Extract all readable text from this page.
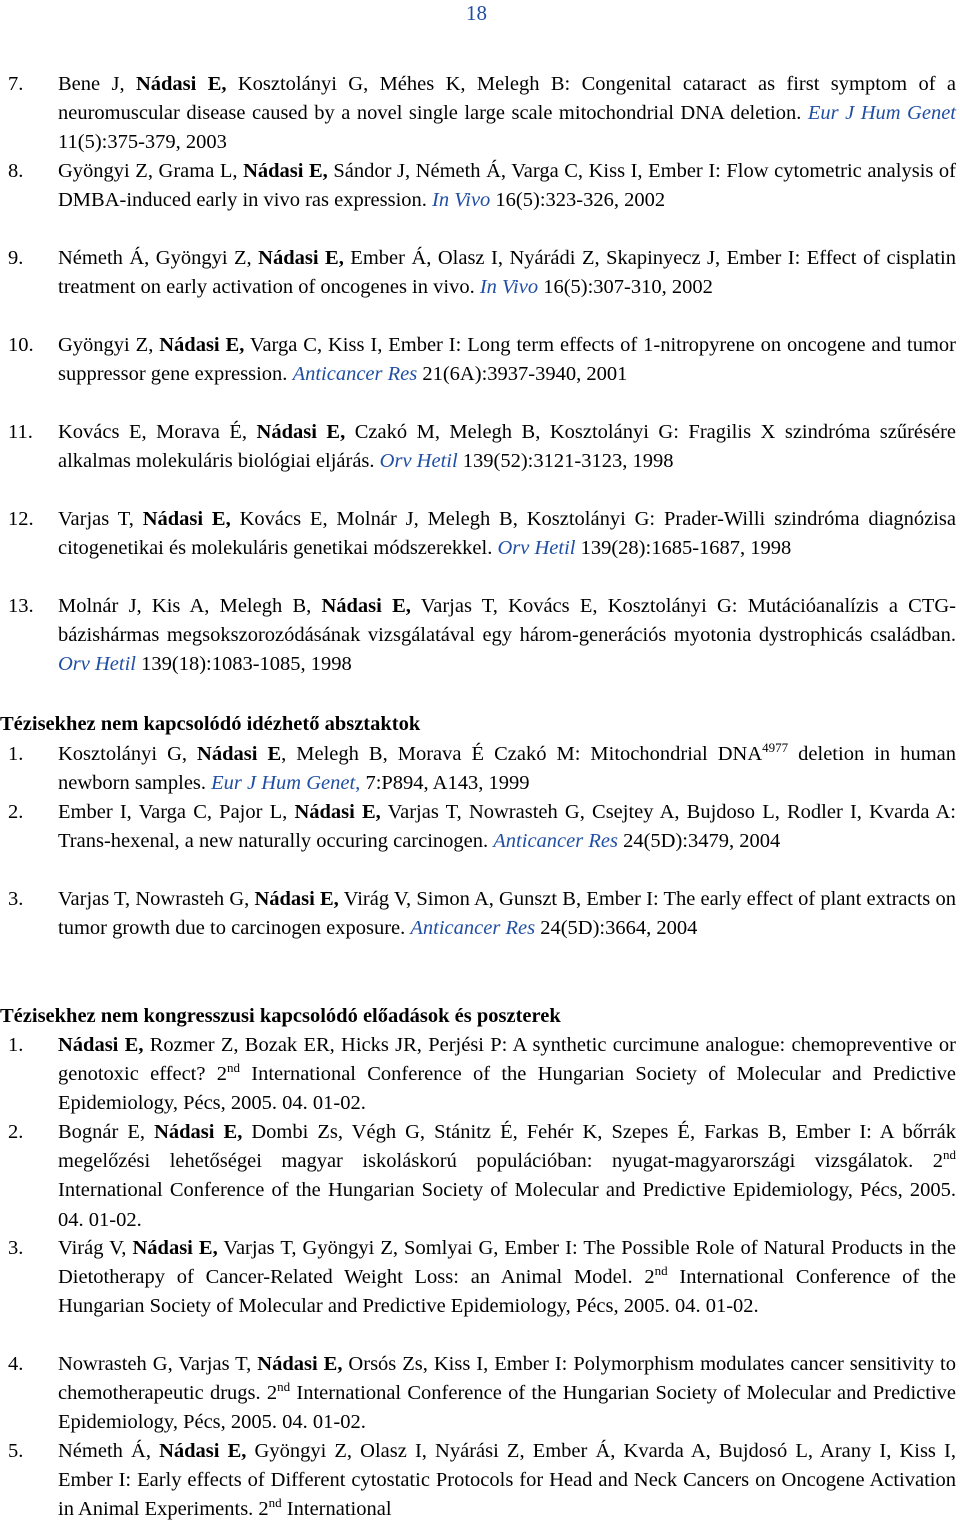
18

7. Bene J, Nádasi E, Kosztolányi G, Méhes K, Melegh B: Congenital cataract as first symptom of a neuromuscular disease caused by a novel single large scale mitochondrial DNA deletion. Eur J Hum Genet 11(5):375-379, 2003

8. Gyöngyi Z, Grama L, Nádasi E, Sándor J, Németh Á, Varga C, Kiss I, Ember I: Flow cytometric analysis of DMBA-induced early in vivo ras expression. In Vivo 16(5):323-326, 2002

9. Németh Á, Gyöngyi Z, Nádasi E, Ember Á, Olasz I, Nyárádi Z, Skapinyecz J, Ember I: Effect of cisplatin treatment on early activation of oncogenes in vivo. In Vivo 16(5):307-310, 2002

10. Gyöngyi Z, Nádasi E, Varga C, Kiss I, Ember I: Long term effects of 1-nitropyrene on oncogene and tumor suppressor gene expression. Anticancer Res 21(6A):3937-3940, 2001

11. Kovács E, Morava É, Nádasi E, Czakó M, Melegh B, Kosztolányi G: Fragilis X szindróma szűrésére alkalmas molekuláris biológiai eljárás. Orv Hetil 139(52):3121-3123, 1998

12. Varjas T, Nádasi E, Kovács E, Molnár J, Melegh B, Kosztolányi G: Prader-Willi szindróma diagnózisa citogenetikai és molekuláris genetikai módszerekkel. Orv Hetil 139(28):1685-1687, 1998

13. Molnár J, Kis A, Melegh B, Nádasi E, Varjas T, Kovács E, Kosztolányi G: Mutációanalízis a CTG-bázishármas megsokszorozódásának vizsgálatával egy három-generációs myotonia dystrophicás családban. Orv Hetil 139(18):1083-1085, 1998

Tézisekhez nem kapcsolódó idézhető absztaktok

1. Kosztolányi G, Nádasi E, Melegh B, Morava É Czakó M: Mitochondrial $DNA^{4977}$ deletion in human newborn samples. Eur J Hum Genet, 7:P894, A143, 1999

2. Ember I, Varga C, Pajor L, Nádasi E, Varjas T, Nowrasteh G, Csejtey A, Bujdoso L, Rodler I, Kvarda A: Trans-hexenal, a new naturally occuring carcinogen. Anticancer Res 24(5D):3479, 2004

3. Varjas T, Nowrasteh G, Nádasi E, Virág V, Simon A, Gunszt B, Ember I: The early effect of plant extracts on tumor growth due to carcinogen exposure. Anticancer Res 24(5D):3664, 2004

Tézisekhez nem kongresszusi kapcsolódó előadások és poszterek

1. Nádasi E, Rozmer Z, Bozak ER, Hicks JR, Perjési P: A synthetic curcimune analogue: chemopreventive or genotoxic effect? 2nd International Conference of the Hungarian Society of Molecular and Predictive Epidemiology, Pécs, 2005. 04. 01-02.

2. Bognár E, Nádasi E, Dombi Zs, Végh G, Stánitz É, Fehér K, Szepes É, Farkas B, Ember I: A bőrrák megelőzési lehetőségei magyar iskoláskorú populációban: nyugat-magyarországi vizsgálatok. 2nd International Conference of the Hungarian Society of Molecular and Predictive Epidemiology, Pécs, 2005. 04. 01-02.

3. Virág V, Nádasi E, Varjas T, Gyöngyi Z, Somlyai G, Ember I: The Possible Role of Natural Products in the Dietotherapy of Cancer-Related Weight Loss: an Animal Model. 2nd International Conference of the Hungarian Society of Molecular and Predictive Epidemiology, Pécs, 2005. 04. 01-02.

4. Nowrasteh G, Varjas T, Nádasi E, Orsós Zs, Kiss I, Ember I: Polymorphism modulates cancer sensitivity to chemotherapeutic drugs. 2nd International Conference of the Hungarian Society of Molecular and Predictive Epidemiology, Pécs, 2005. 04. 01-02.

5. Németh Á, Nádasi E, Gyöngyi Z, Olasz I, Nyárási Z, Ember Á, Kvarda A, Bujdosó L, Arany I, Kiss I, Ember I: Early effects of Different cytostatic Protocols for Head and Neck Cancers on Oncogene Activation in Animal Experiments. 2nd International
